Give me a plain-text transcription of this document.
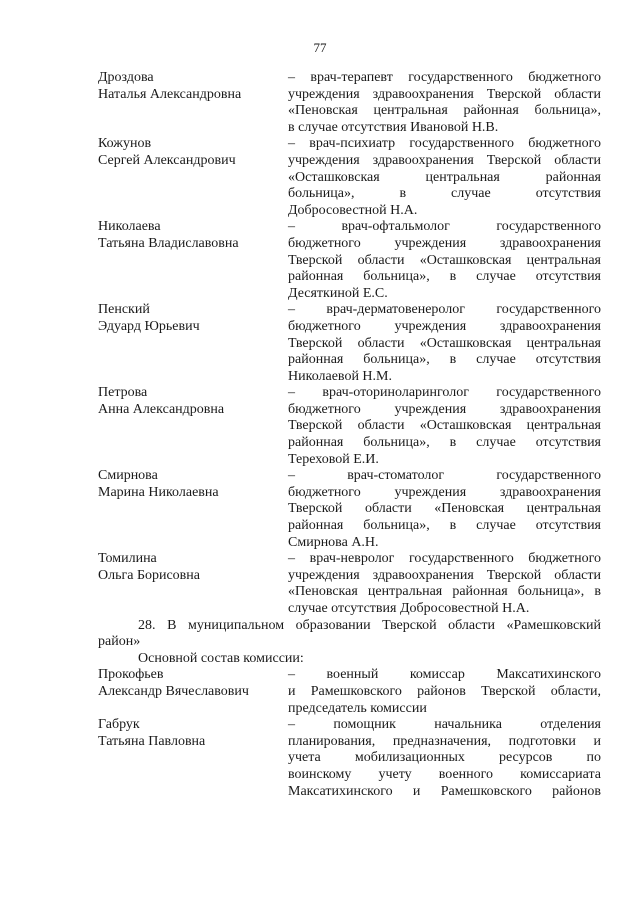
77
Дроздова
Наталья Александровна
– врач-терапевт государственного бюджетного
учреждения здравоохранения Тверской области
«Пеновская центральная районная больница»,
в случае отсутствия Ивановой Н.В.
Кожунов
Сергей Александрович
– врач-психиатр государственного бюджетного
учреждения здравоохранения Тверской области
«Осташковская центральная районная
больница», в случае отсутствия
Добросовестной Н.А.
Николаева
Татьяна Владиславовна
– врач-офтальмолог государственного
бюджетного учреждения здравоохранения
Тверской области «Осташковская центральная
районная больница», в случае отсутствия
Десяткиной Е.С.
Пенский
Эдуард Юрьевич
– врач-дерматовенеролог государственного
бюджетного учреждения здравоохранения
Тверской области «Осташковская центральная
районная больница», в случае отсутствия
Николаевой Н.М.
Петрова
Анна Александровна
– врач-оториноларинголог государственного
бюджетного учреждения здравоохранения
Тверской области «Осташковская центральная
районная больница», в случае отсутствия
Тереховой Е.И.
Смирнова
Марина Николаевна
– врач-стоматолог государственного
бюджетного учреждения здравоохранения
Тверской области «Пеновская центральная
районная больница», в случае отсутствия
Смирнова А.Н.
Томилина
Ольга Борисовна
– врач-невролог государственного бюджетного
учреждения здравоохранения Тверской области
«Пеновская центральная районная больница», в
случае отсутствия Добросовестной Н.А.
28. В муниципальном образовании Тверской области «Рамешковский
район»
Основной состав комиссии:
Прокофьев
Александр Вячеславович
– военный комиссар Максатихинского
и Рамешковского районов Тверской области,
председатель комиссии
Габрук
Татьяна Павловна
– помощник начальника отделения
планирования, предназначения, подготовки и
учета мобилизационных ресурсов по
воинскому учету военного комиссариата
Максатихинского и Рамешковского районов
